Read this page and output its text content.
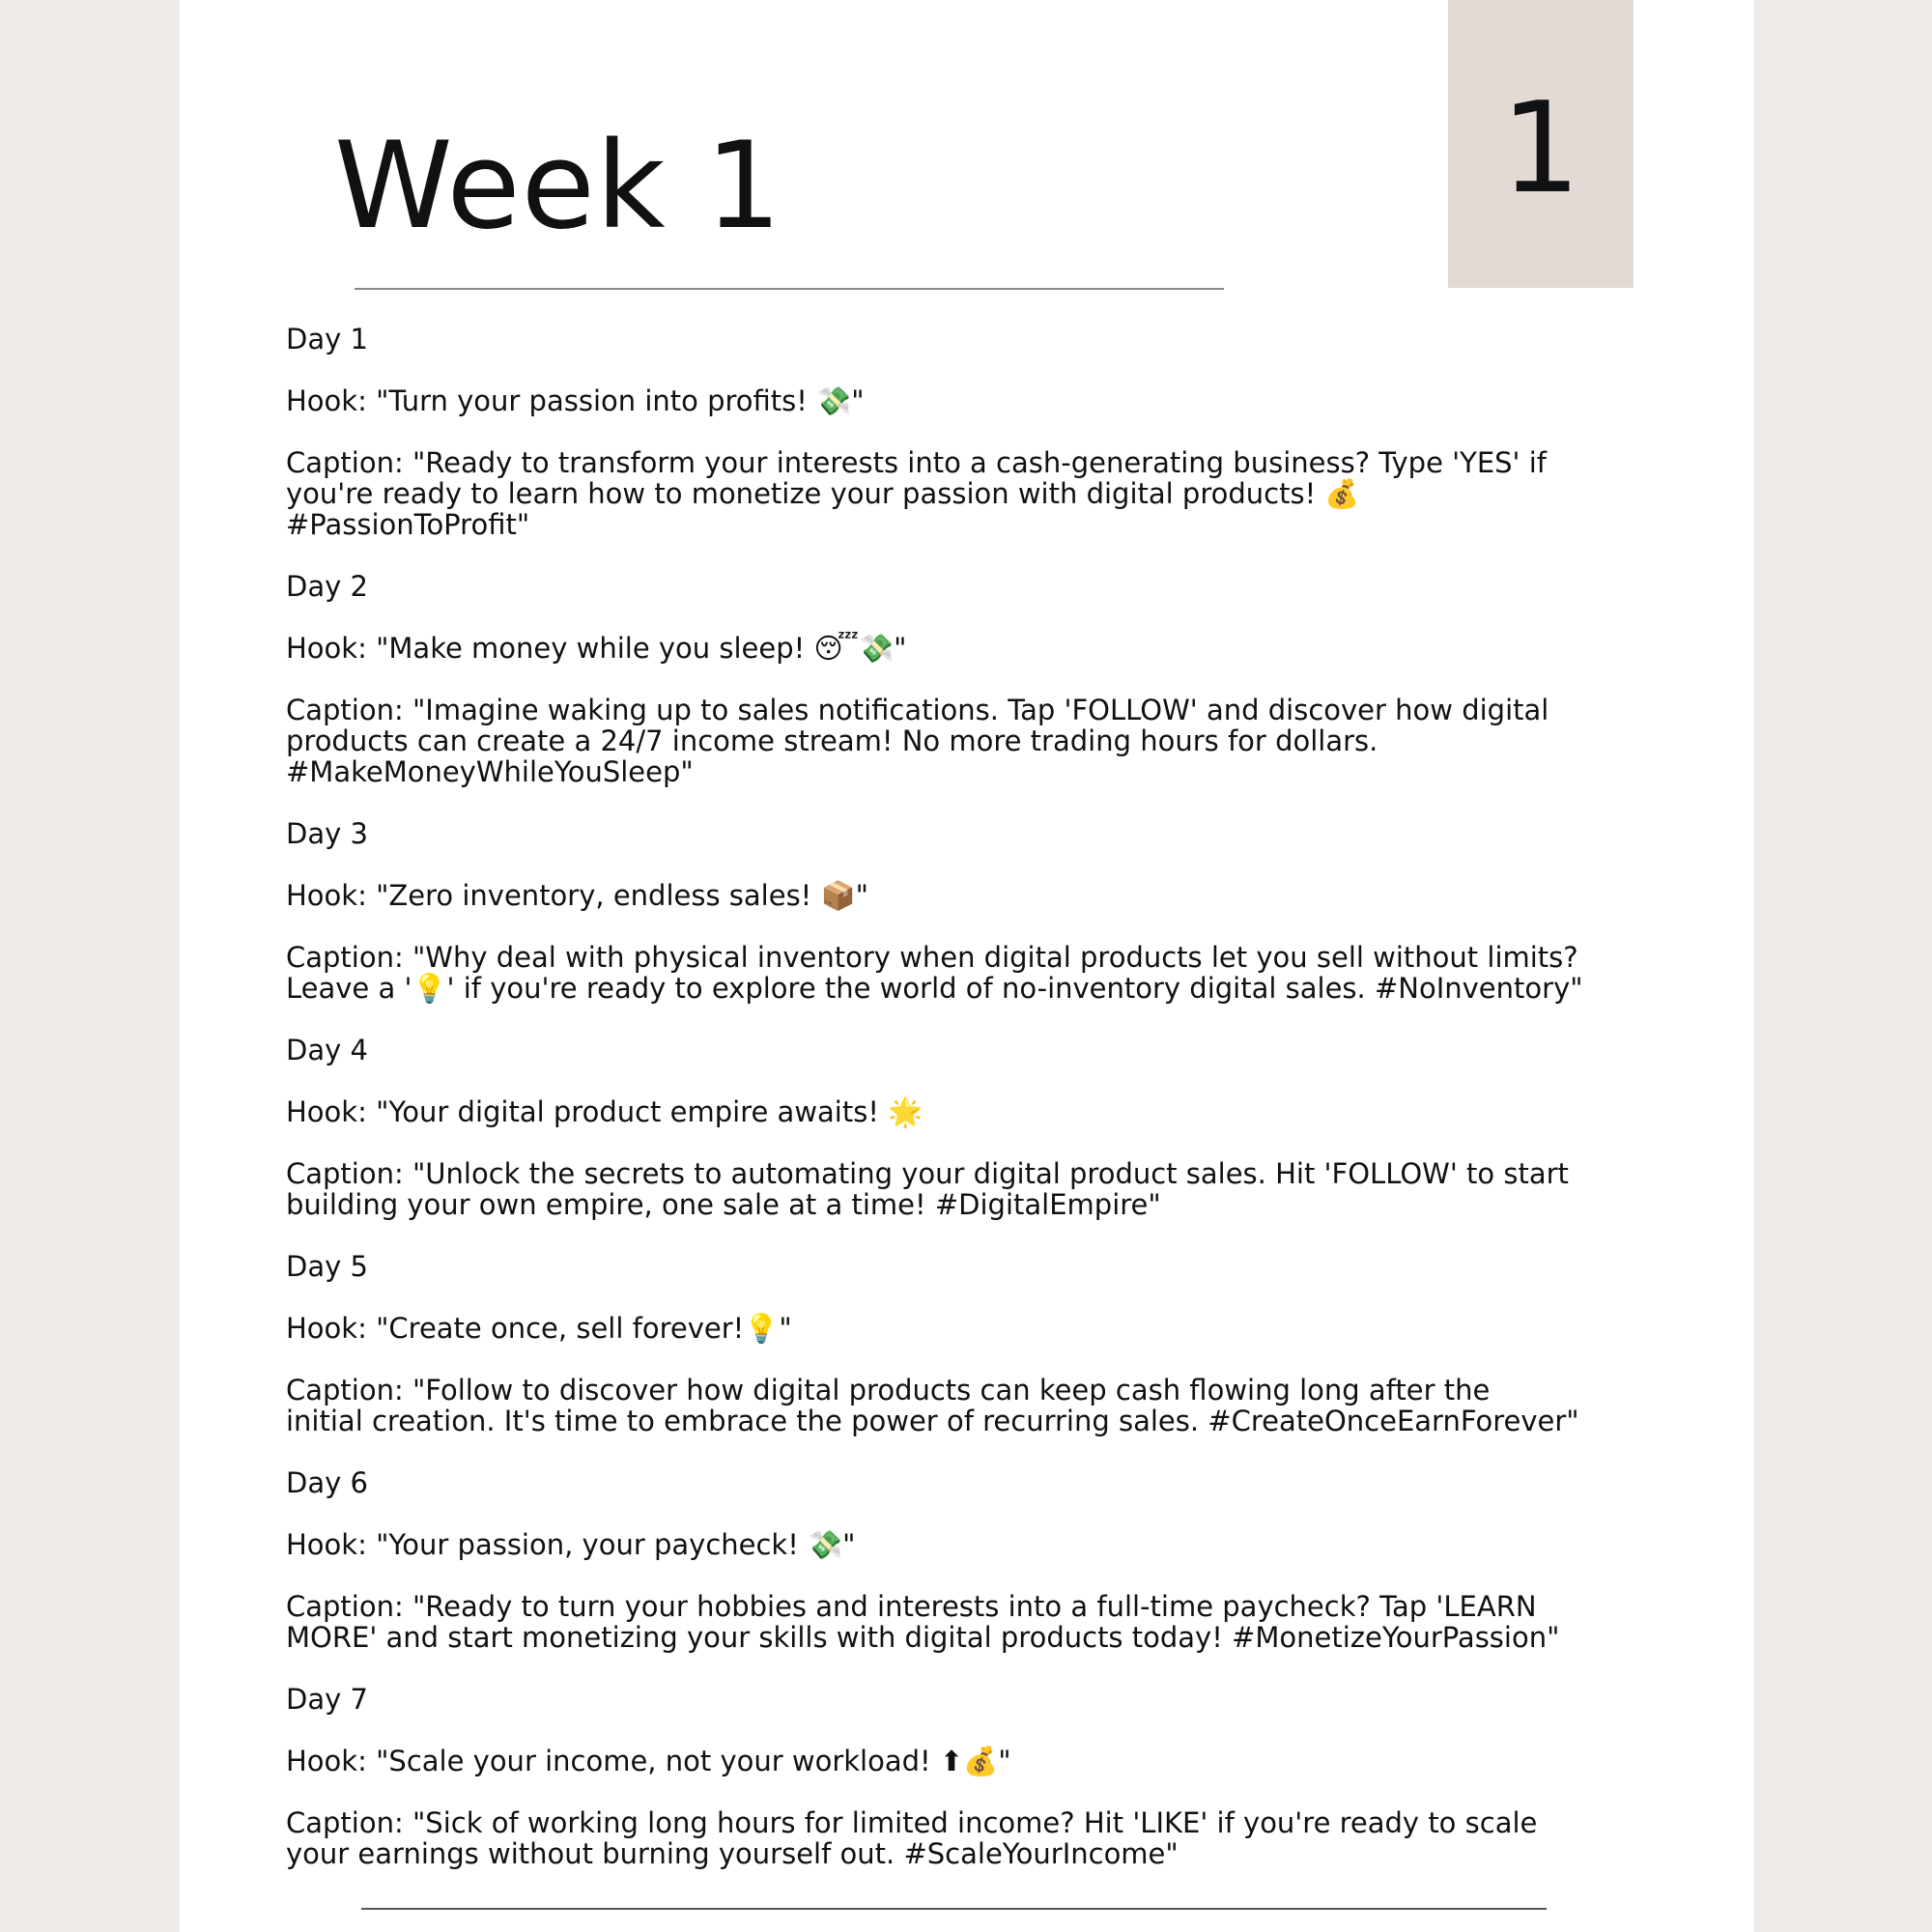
Week 1	1

Day 1

Hook: "Turn your passion into profits! 💸"

Caption: "Ready to transform your interests into a cash-generating business? Type 'YES' if
you're ready to learn how to monetize your passion with digital products! 💰
#PassionToProfit"

Day 2

Hook: "Make money while you sleep! 😴💸"

Caption: "Imagine waking up to sales notifications. Tap 'FOLLOW' and discover how digital
products can create a 24/7 income stream! No more trading hours for dollars.
#MakeMoneyWhileYouSleep"

Day 3

Hook: "Zero inventory, endless sales! 📦"

Caption: "Why deal with physical inventory when digital products let you sell without limits?
Leave a '💡' if you're ready to explore the world of no-inventory digital sales. #NoInventory"

Day 4

Hook: "Your digital product empire awaits! 🌟

Caption: "Unlock the secrets to automating your digital product sales. Hit 'FOLLOW' to start
building your own empire, one sale at a time! #DigitalEmpire"

Day 5

Hook: "Create once, sell forever!💡"

Caption: "Follow to discover how digital products can keep cash flowing long after the
initial creation. It's time to embrace the power of recurring sales. #CreateOnceEarnForever"

Day 6

Hook: "Your passion, your paycheck! 💸"

Caption: "Ready to turn your hobbies and interests into a full-time paycheck? Tap 'LEARN
MORE' and start monetizing your skills with digital products today! #MonetizeYourPassion"

Day 7

Hook: "Scale your income, not your workload! ⬆💰"

Caption: "Sick of working long hours for limited income? Hit 'LIKE' if you're ready to scale
your earnings without burning yourself out. #ScaleYourIncome"
